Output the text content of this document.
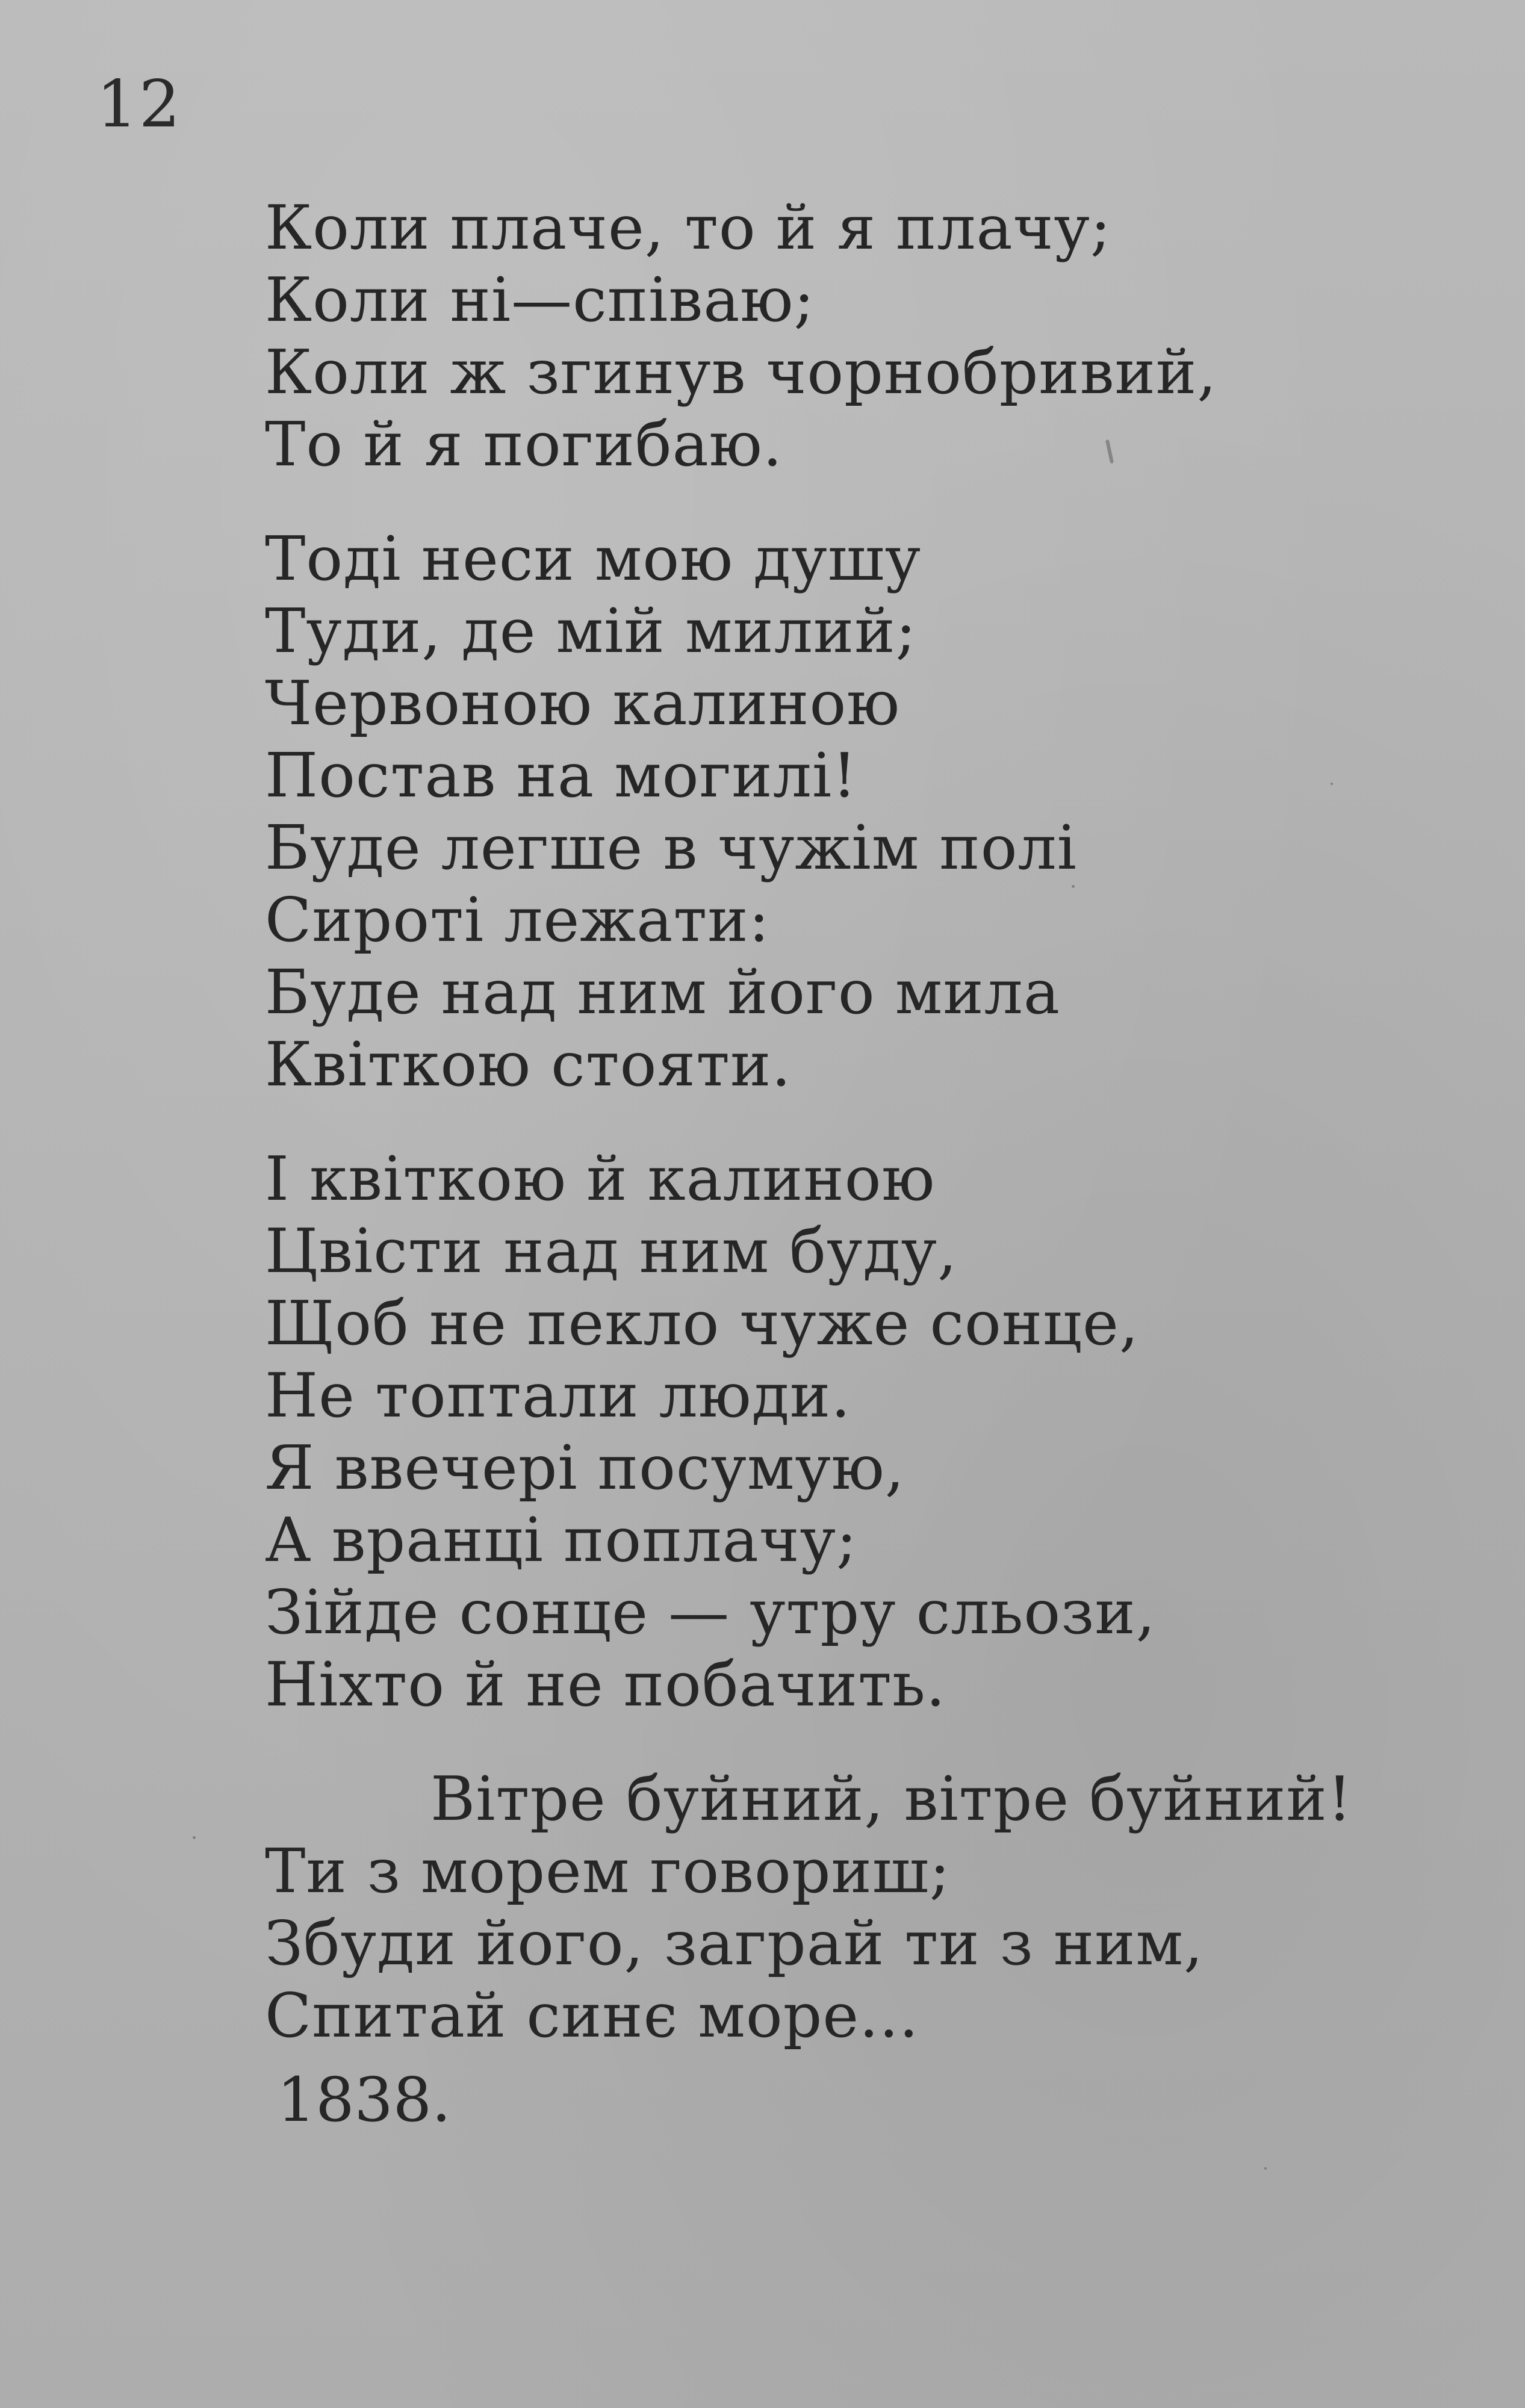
12
Коли плаче, то й я плачу;
Коли ні—співаю;
Коли ж згинув чорнобривий,
То й я погибаю.
Тоді неси мою душу
Туди, де мій милий;
Червоною калиною
Постав на могилі!
Буде легше в чужім полі
Сироті лежати:
Буде над ним його мила
Квіткою стояти.
І квіткою й калиною
Цвісти над ним буду,
Щоб не пекло чуже сонце,
Не топтали люди.
Я ввечері посумую,
А вранці поплачу;
Зійде сонце — утру сльози,
Ніхто й не побачить.
Вітре буйний, вітре буйний!
Ти з морем говориш;
Збуди його, заграй ти з ним,
Спитай синє море...
1838.
